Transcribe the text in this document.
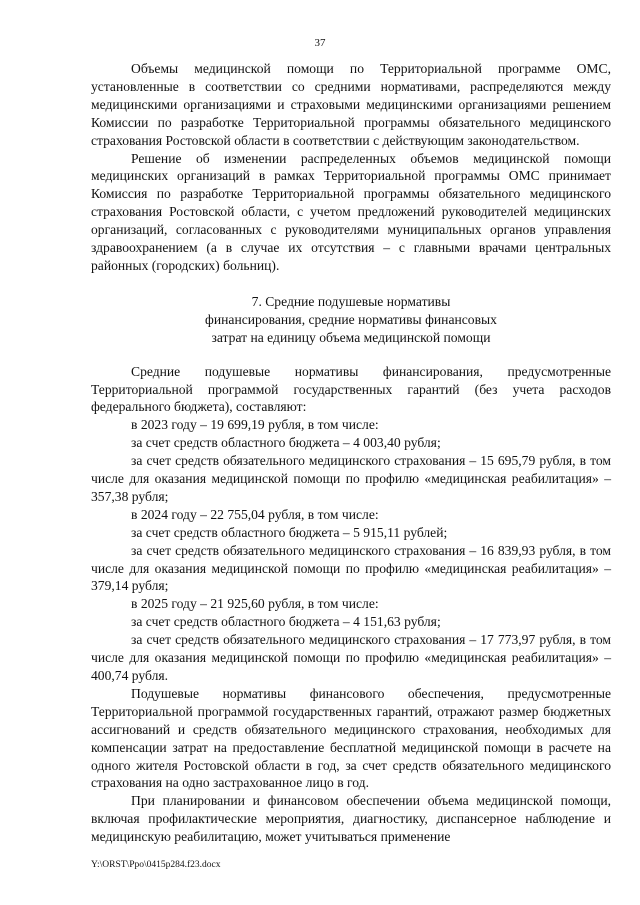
37

Объемы медицинской помощи по Территориальной программе ОМС, установленные в соответствии со средними нормативами, распределяются между медицинскими организациями и страховыми медицинскими организациями решением Комиссии по разработке Территориальной программы обязательного медицинского страхования Ростовской области в соответствии с действующим законодательством.

Решение об изменении распределенных объемов медицинской помощи медицинских организаций в рамках Территориальной программы ОМС принимает Комиссия по разработке Территориальной программы обязательного медицинского страхования Ростовской области, с учетом предложений руководителей медицинских организаций, согласованных с руководителями муниципальных органов управления здравоохранением (а в случае их отсутствия – с главными врачами центральных районных (городских) больниц).

7. Средние подушевые нормативы
финансирования, средние нормативы финансовых
затрат на единицу объема медицинской помощи

Средние подушевые нормативы финансирования, предусмотренные Территориальной программой государственных гарантий (без учета расходов федерального бюджета), составляют:

в 2023 году – 19 699,19 рубля, в том числе:

за счет средств областного бюджета – 4 003,40 рубля;

за счет средств обязательного медицинского страхования – 15 695,79 рубля, в том числе для оказания медицинской помощи по профилю «медицинская реабилитация» – 357,38 рубля;

в 2024 году – 22 755,04 рубля, в том числе:

за счет средств областного бюджета – 5 915,11 рублей;

за счет средств обязательного медицинского страхования – 16 839,93 рубля, в том числе для оказания медицинской помощи по профилю «медицинская реабилитация» – 379,14 рубля;

в 2025 году – 21 925,60 рубля, в том числе:

за счет средств областного бюджета – 4 151,63 рубля;

за счет средств обязательного медицинского страхования – 17 773,97 рубля, в том числе для оказания медицинской помощи по профилю «медицинская реабилитация» – 400,74 рубля.

Подушевые нормативы финансового обеспечения, предусмотренные Территориальной программой государственных гарантий, отражают размер бюджетных ассигнований и средств обязательного медицинского страхования, необходимых для компенсации затрат на предоставление бесплатной медицинской помощи в расчете на одного жителя Ростовской области в год, за счет средств обязательного медицинского страхования на одно застрахованное лицо в год.

При планировании и финансовом обеспечении объема медицинской помощи, включая профилактические мероприятия, диагностику, диспансерное наблюдение и медицинскую реабилитацию, может учитываться применение

Y:\ORST\Ppo\0415p284.f23.docx
